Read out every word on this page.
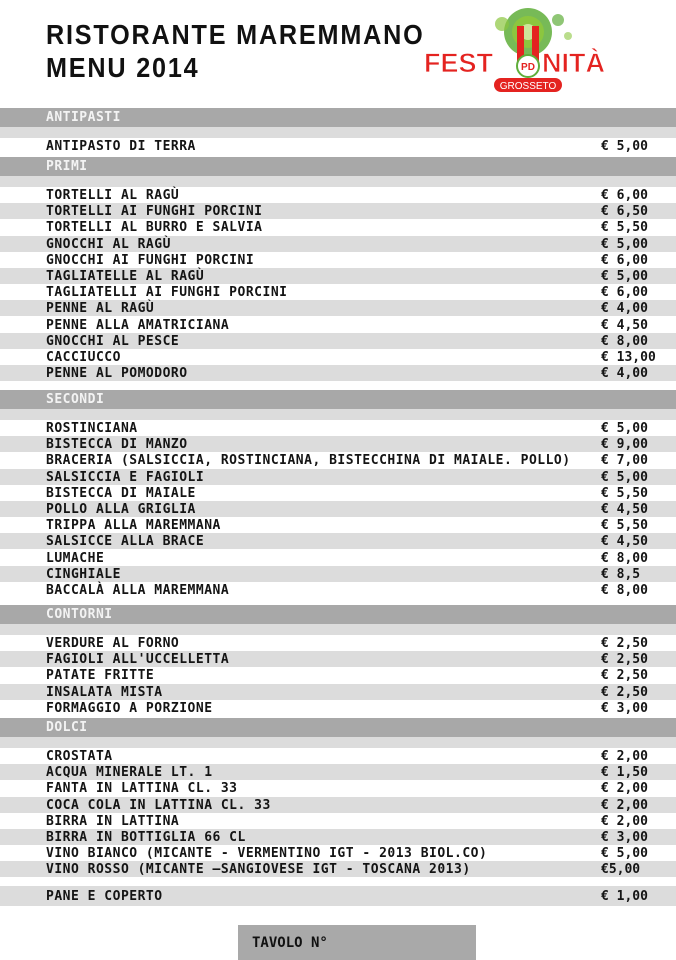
RISTORANTE MAREMMANO
MENU 2014	FEST NITÀ
PD
GROSSETO
ANTIPASTI
ANTIPASTO DI TERRA	€ 5,00
PRIMI
TORTELLI AL RAGÙ	€ 6,00
TORTELLI AI FUNGHI PORCINI	€ 6,50
TORTELLI AL BURRO E SALVIA	€ 5,50
GNOCCHI AL RAGÙ	€ 5,00
GNOCCHI AI FUNGHI PORCINI	€ 6,00
TAGLIATELLE AL RAGÙ	€ 5,00
TAGLIATELLI AI FUNGHI PORCINI	€ 6,00
PENNE AL RAGÙ	€ 4,00
PENNE ALLA AMATRICIANA	€ 4,50
GNOCCHI AL PESCE	€ 8,00
CACCIUCCO	€ 13,00
PENNE AL POMODORO	€ 4,00
SECONDI
ROSTINCIANA	€ 5,00
BISTECCA DI MANZO	€ 9,00
BRACERIA (SALSICCIA, ROSTINCIANA, BISTECCHINA DI MAIALE. POLLO) € 7,00
SALSICCIA E FAGIOLI	€ 5,00
BISTECCA DI MAIALE	€ 5,50
POLLO ALLA GRIGLIA	€ 4,50
TRIPPA ALLA MAREMMANA	€ 5,50
SALSICCE ALLA BRACE	€ 4,50
LUMACHE	€ 8,00
CINGHIALE	€ 8,5
BACCALÀ ALLA MAREMMANA	€ 8,00
CONTORNI
VERDURE AL FORNO	€ 2,50
FAGIOLI ALL'UCCELLETTA	€ 2,50
PATATE FRITTE	€ 2,50
INSALATA MISTA	€ 2,50
FORMAGGIO A PORZIONE	€ 3,00
DOLCI
CROSTATA	€ 2,00
ACQUA MINERALE LT. 1	€ 1,50
FANTA IN LATTINA CL. 33	€ 2,00
COCA COLA IN LATTINA CL. 33	€ 2,00
BIRRA IN LATTINA	€ 2,00
BIRRA IN BOTTIGLIA 66 CL	€ 3,00
VINO BIANCO (MICANTE - VERMENTINO IGT - 2013 BIOL.CO)	€ 5,00
VINO ROSSO (MICANTE –SANGIOVESE IGT - TOSCANA 2013)	€5,00
PANE E COPERTO	€ 1,00
TAVOLO N°
